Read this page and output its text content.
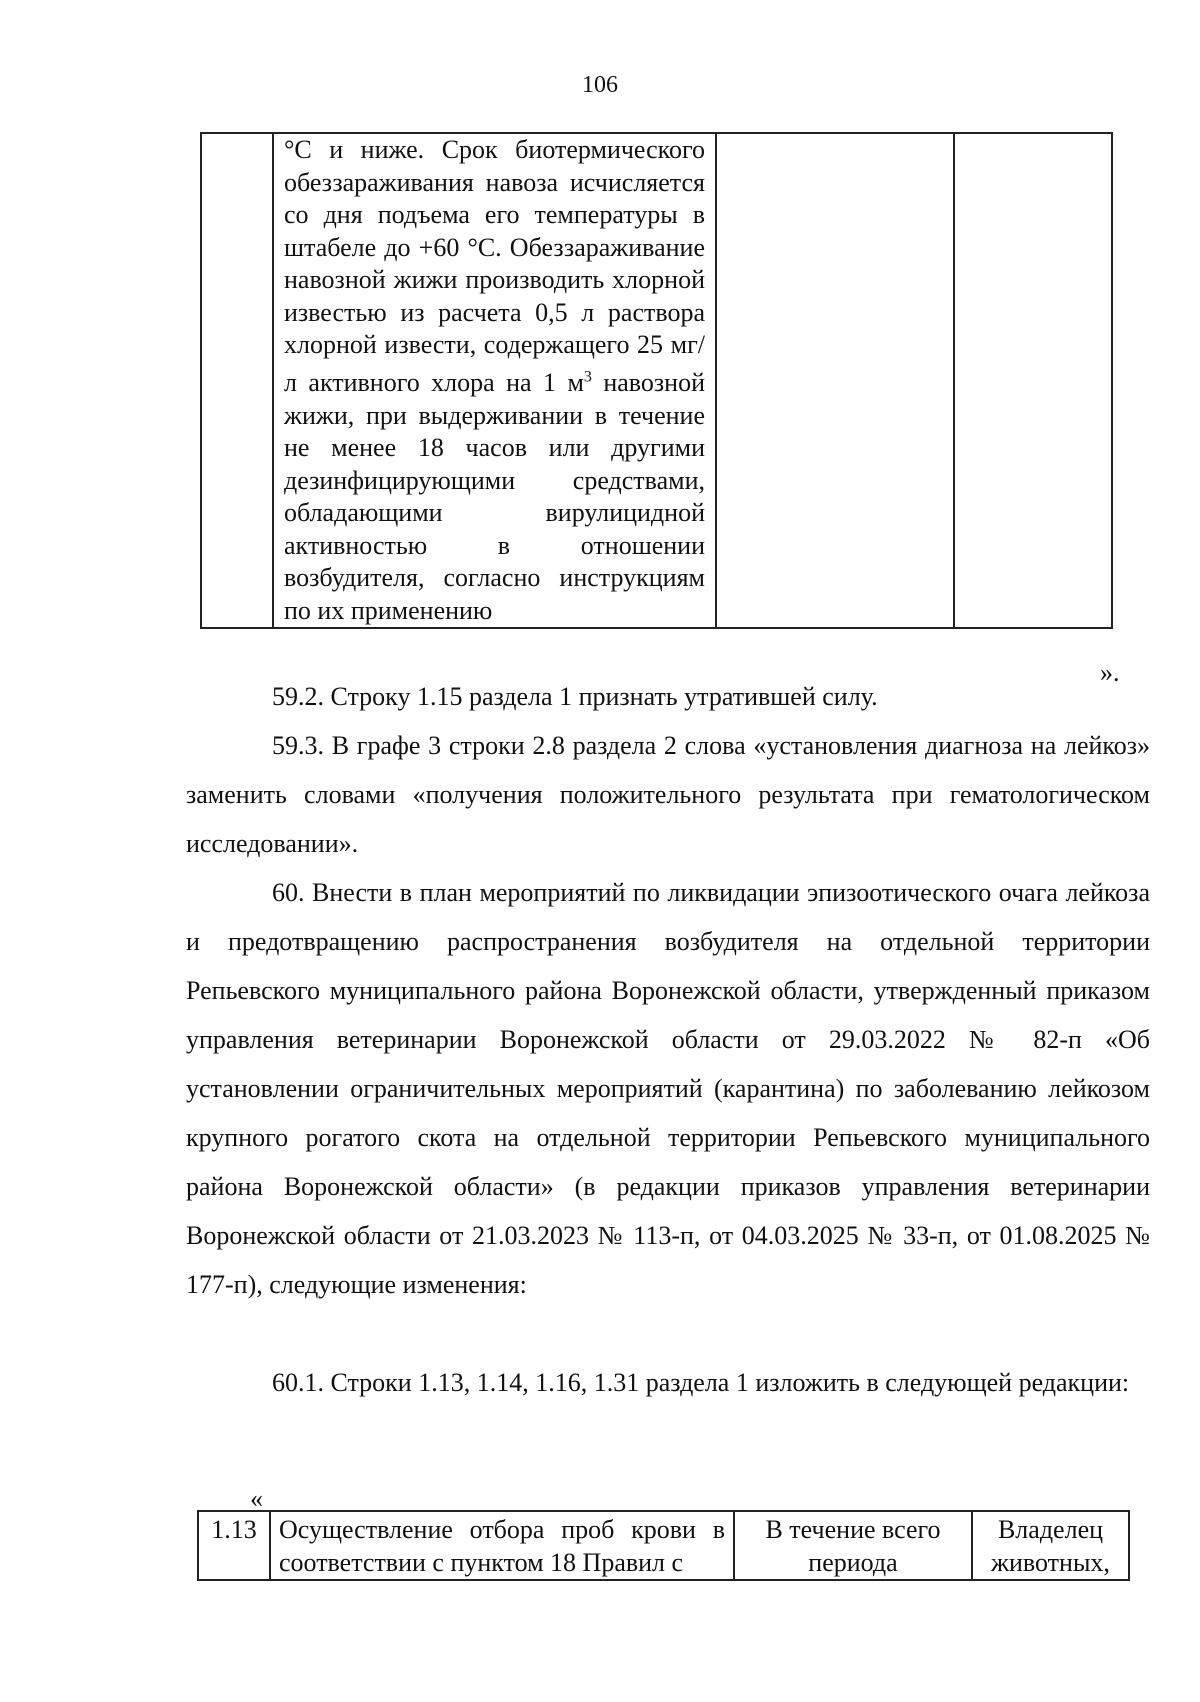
106
	°С и ниже. Срок биотермического обеззараживания навоза исчисляется со дня подъема его температуры в штабеле до +60 °С. Обеззараживание навозной жижи производить хлорной известью из расчета 0,5 л раствора хлорной извести, содержащего 25 мг/л активного хлора на 1 $м^3$ навозной жижи, при выдерживании в течение не менее 18 часов или другими дезинфицирующими средствами, обладающими вирулицидной активностью в отношении возбудителя, согласно инструкциям по их применению		
».

59.2. Строку 1.15 раздела 1 признать утратившей силу.

59.3. В графе 3 строки 2.8 раздела 2 слова «установления диагноза на лейкоз» заменить словами «получения положительного результата при гематологическом исследовании».

60. Внести в план мероприятий по ликвидации эпизоотического очага лейкоза и предотвращению распространения возбудителя на отдельной территории Репьевского муниципального района Воронежской области, утвержденный приказом управления ветеринарии Воронежской области от 29.03.2022 № 82-п «Об установлении ограничительных мероприятий (карантина) по заболеванию лейкозом крупного рогатого скота на отдельной территории Репьевского муниципального района Воронежской области» (в редакции приказов управления ветеринарии Воронежской области от 21.03.2023 № 113-п, от 04.03.2025 № 33-п, от 01.08.2025 № 177-п), следующие изменения:

60.1. Строки 1.13, 1.14, 1.16, 1.31 раздела 1 изложить в следующей редакции:

«
1.13	Осуществление отбора проб крови в соответствии с пунктом 18 Правил с	В течение всего периода	Владелец животных,
